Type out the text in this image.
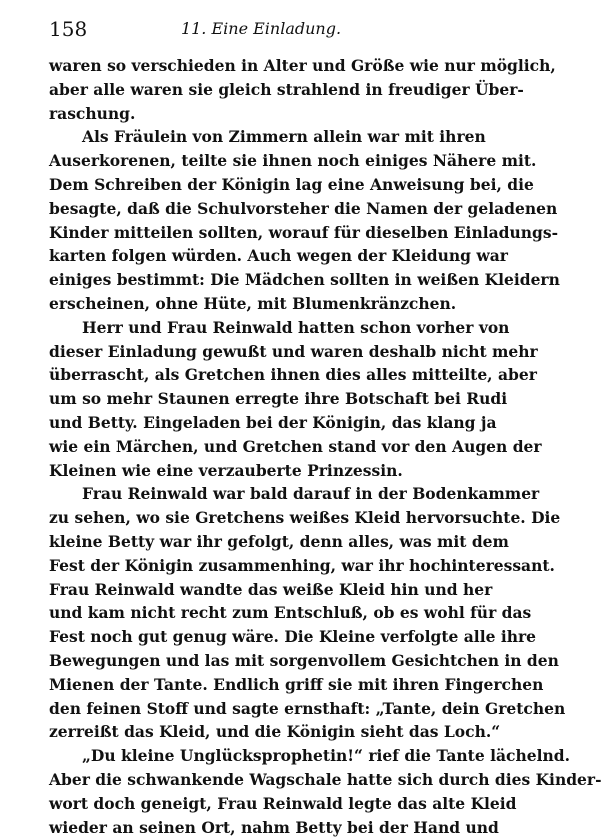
158	11. Eine Einladung.
waren so verschieden in Alter und Größe wie nur möglich,
aber alle waren sie gleich strahlend in freudiger Über-
raschung.
Als Fräulein von Zimmern allein war mit ihren
Auserkorenen, teilte sie ihnen noch einiges Nähere mit.
Dem Schreiben der Königin lag eine Anweisung bei, die
besagte, daß die Schulvorsteher die Namen der geladenen
Kinder mitteilen sollten, worauf für dieselben Einladungs-
karten folgen würden. Auch wegen der Kleidung war
einiges bestimmt: Die Mädchen sollten in weißen Kleidern
erscheinen, ohne Hüte, mit Blumenkränzchen.
Herr und Frau Reinwald hatten schon vorher von
dieser Einladung gewußt und waren deshalb nicht mehr
überrascht, als Gretchen ihnen dies alles mitteilte, aber
um so mehr Staunen erregte ihre Botschaft bei Rudi
und Betty. Eingeladen bei der Königin, das klang ja
wie ein Märchen, und Gretchen stand vor den Augen der
Kleinen wie eine verzauberte Prinzessin.
Frau Reinwald war bald darauf in der Bodenkammer
zu sehen, wo sie Gretchens weißes Kleid hervorsuchte. Die
kleine Betty war ihr gefolgt, denn alles, was mit dem
Fest der Königin zusammenhing, war ihr hochinteressant.
Frau Reinwald wandte das weiße Kleid hin und her
und kam nicht recht zum Entschluß, ob es wohl für das
Fest noch gut genug wäre. Die Kleine verfolgte alle ihre
Bewegungen und las mit sorgenvollem Gesichtchen in den
Mienen der Tante. Endlich griff sie mit ihren Fingerchen
den feinen Stoff und sagte ernsthaft: „Tante, dein Gretchen
zerreißt das Kleid, und die Königin sieht das Loch.“
„Du kleine Unglücksprophetin!“ rief die Tante lächelnd.
Aber die schwankende Wagschale hatte sich durch dies Kinder-
wort doch geneigt, Frau Reinwald legte das alte Kleid
wieder an seinen Ort, nahm Betty bei der Hand und
